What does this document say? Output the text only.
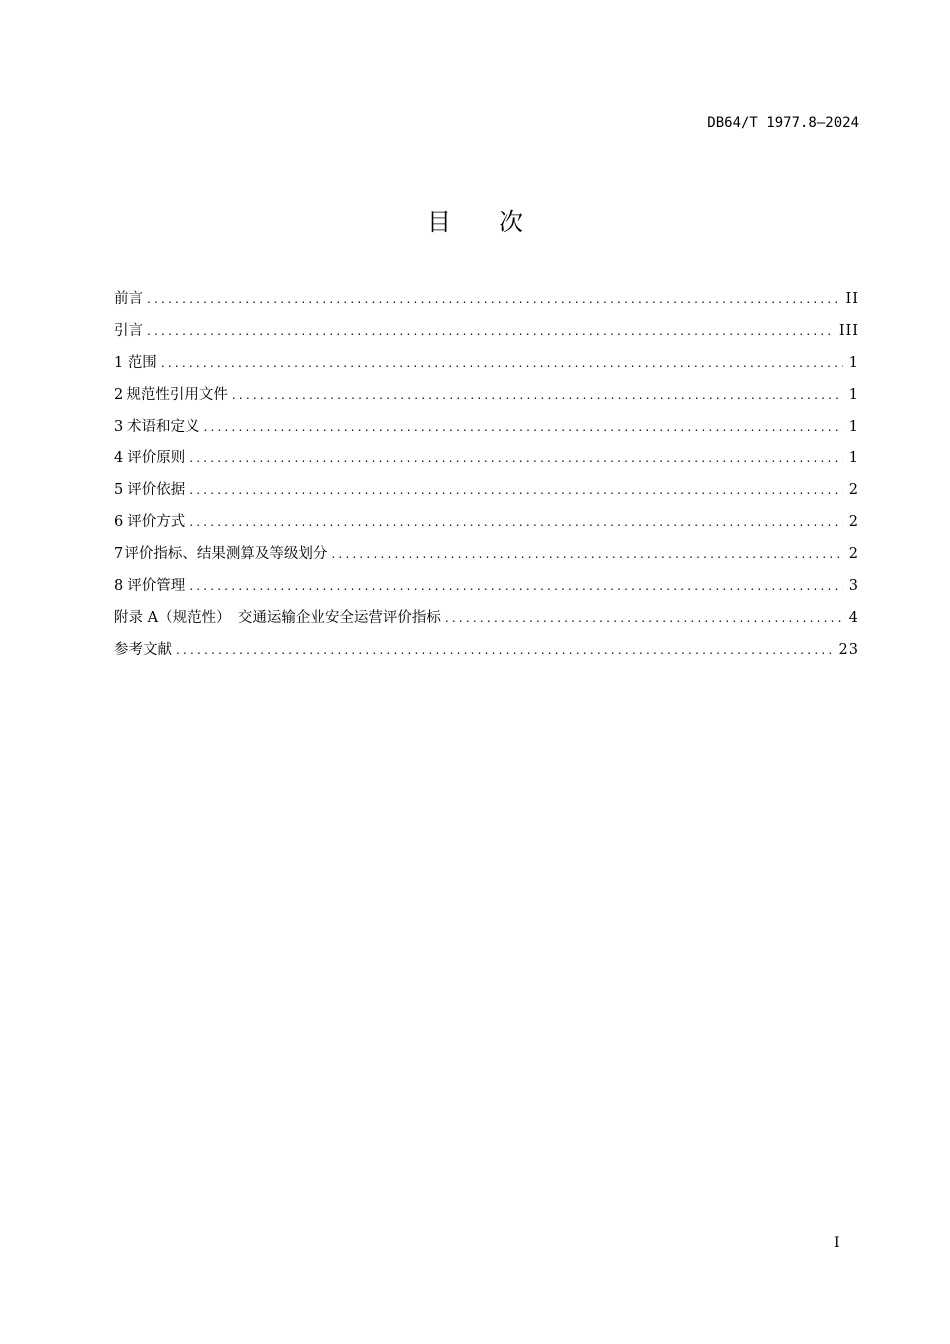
DB64/T 1977.8—2024
目 次
前言 .....	II
引言 .....	III
1 范围 .....	1
2 规范性引用文件 .....	1
3 术语和定义 .....	1
4 评价原则 .....	1
5 评价依据 .....	2
6 评价方式 .....	2
7 评价指标、结果测算及等级划分 .....	2
8 评价管理 .....	3
附录 A（规范性）　交通运输企业安全运营评价指标 .....	4
参考文献 .....	23
I
